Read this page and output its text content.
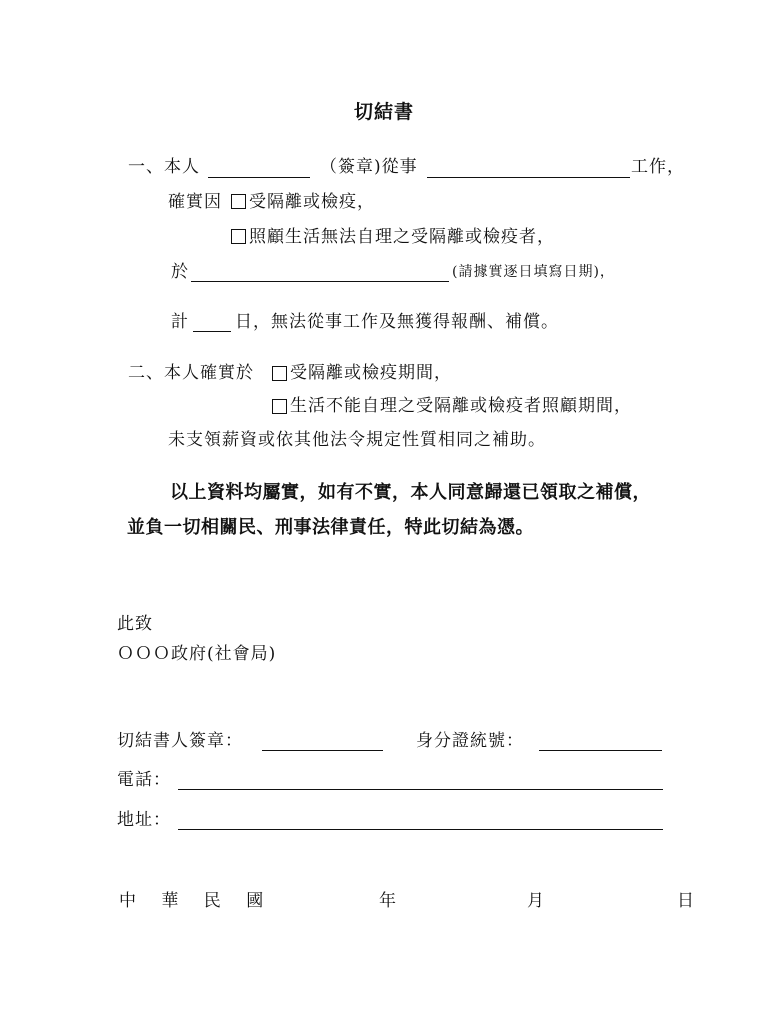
切結書
一、本人	（簽章)從事	工作，
確實因 受隔離或檢疫，
照顧生活無法自理之受隔離或檢疫者，
於	(請據實逐日填寫日期)，
計	日，無法從事工作及無獲得報酬、補償。
二、本人確實於 受隔離或檢疫期間，
生活不能自理之受隔離或檢疫者照顧期間，
未支領薪資或依其他法令規定性質相同之補助。
以上資料均屬實，如有不實，本人同意歸還已領取之補償，
並負一切相關民、刑事法律責任，特此切結為憑。
此致
ＯＯＯ政府(社會局)
切結書人簽章：	身分證統號：
電話：
地址：
中 華 民 國	年	月	日
